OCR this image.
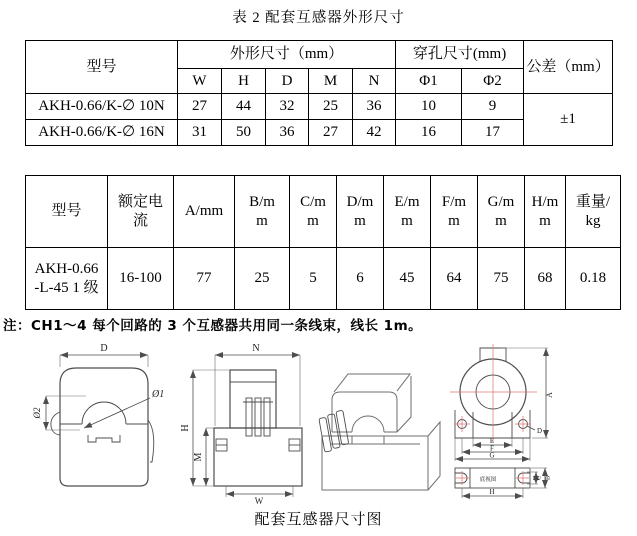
表 2 配套互感器外形尺寸
型号	外形尺寸（mm）					穿孔尺寸(mm)		公差（mm）
	W	H	D	M	N	Φ1	Φ2	
AKH-0.66/K-∅ 10N	27	44	32	25	36	10	9	±1
AKH-0.66/K-∅ 16N	31	50	36	27	42	16	17	
型号	额定电流	A/mm	B/mm	C/mm	D/mm	E/mm	F/mm	G/mm	H/mm	重量/kg

AKH-0.66
-L-45 1 级	16-100	77	25	5	6	45	64	75	68	0.18
注：CH1～4 每个回路的 3 个互感器共用同一条线束，线长 1m。
D
Ø2
Ø1
N
H
M
W
A
D
E
F
G
底视图	C B
H
配套互感器尺寸图
